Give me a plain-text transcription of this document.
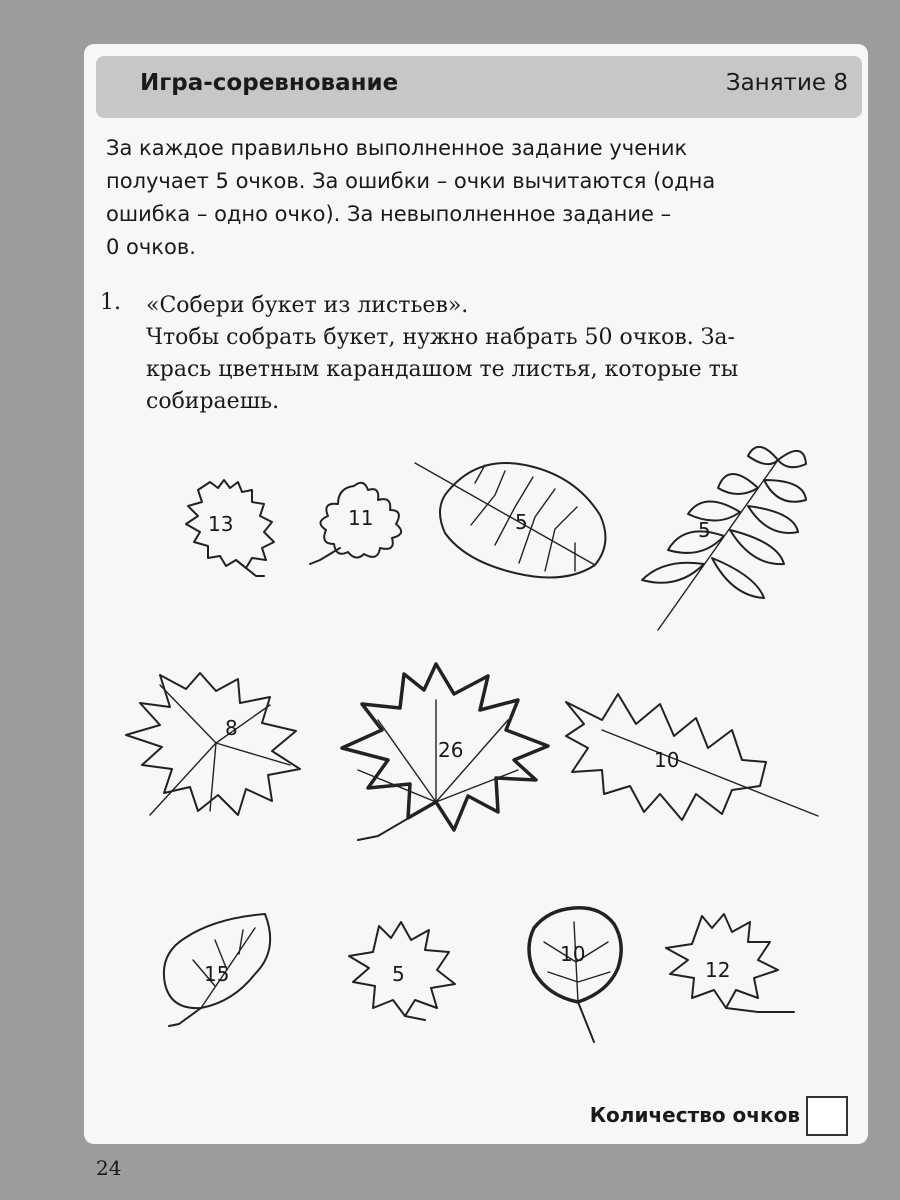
Игра-соревнование	Занятие 8
За каждое правильно выполненное задание ученик
получает 5 очков. За ошибки – очки вычитаются (одна
ошибка – одно очко). За невыполненное задание –
0 очков.
1. «Собери букет из листьев».
Чтобы собрать букет, нужно набрать 50 очков. За-
крась цветным карандашом те листья, которые ты
собираешь.
13	11	5	5
8
26	10
15	5
10
12
Количество очков
24
